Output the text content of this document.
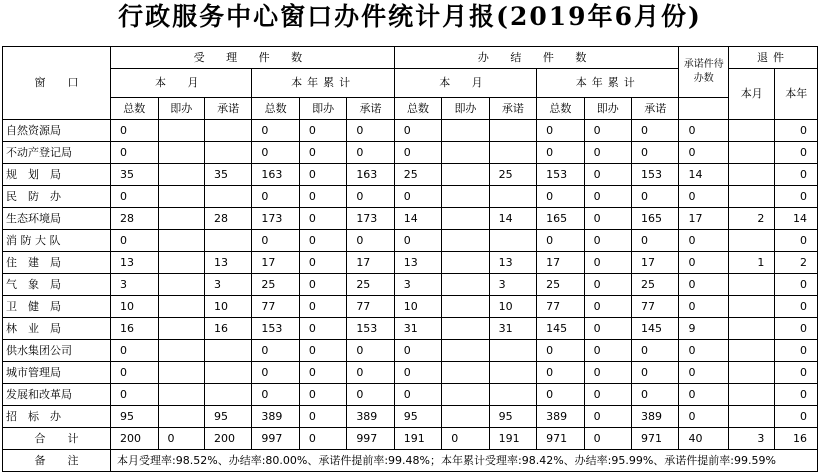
行政服务中心窗口办件统计月报(2019年6月份)
窗　　口	受 理 件 数						办 结 件 数						承诺件待办数	退件	
	本 月			本年累计			本 月			本年累计				本月	本年
	总数	即办	承诺	总数	即办	承诺	总数	即办	承诺	总数	即办	承诺			
自然资源局	0			0	0	0	0			0	0	0	0		0
不动产登记局	0			0	0	0	0			0	0	0	0		0
规　划　局	35		35	163	0	163	25		25	153	0	153	14		0
民　防　办	0			0	0	0	0			0	0	0	0		0
生态环境局	28		28	173	0	173	14		14	165	0	165	17	2	14
消 防 大 队	0			0	0	0	0			0	0	0	0		0
住　建　局	13		13	17	0	17	13		13	17	0	17	0	1	2
气　象　局	3		3	25	0	25	3		3	25	0	25	0		0
卫　健　局	10		10	77	0	77	10		10	77	0	77	0		0
林　业　局	16		16	153	0	153	31		31	145	0	145	9		0
供水集团公司	0			0	0	0	0			0	0	0	0		0
城市管理局	0			0	0	0	0			0	0	0	0		0
发展和改革局	0			0	0	0	0			0	0	0	0		0
招　标　办	95		95	389	0	389	95		95	389	0	389	0		0
合　　计	200	0	200	997	0	997	191	0	191	971	0	971	40	3	16
备　　注	本月受理率:98.52%、办结率:80.00%、承诺件提前率:99.48%；本年累计受理率:98.42%、办结率:95.99%、承诺件提前率:99.59%														
